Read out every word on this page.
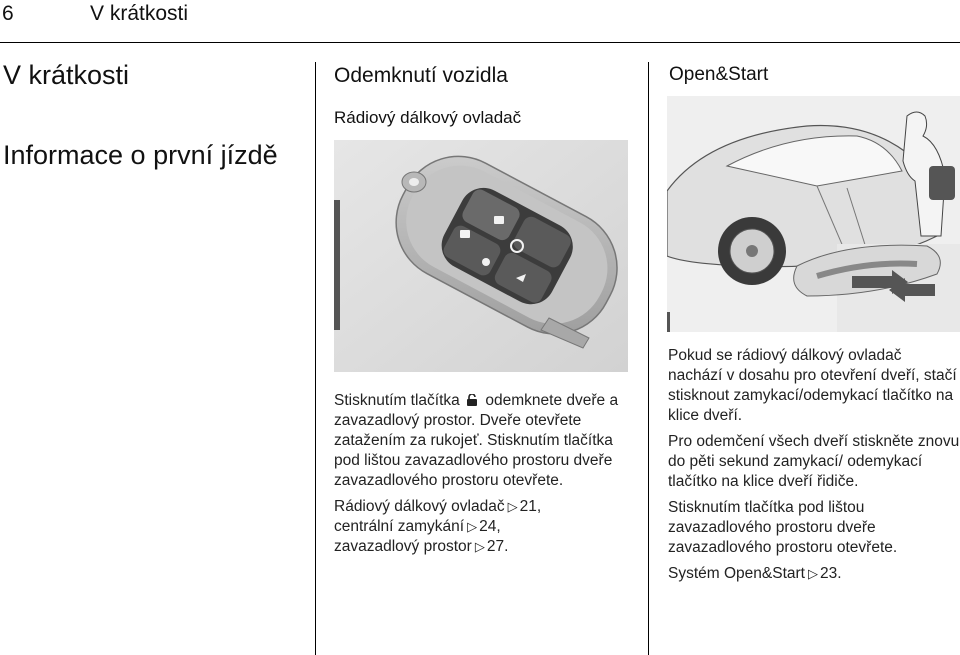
6	V krátkosti
V krátkosti
Informace o první jízdě
Odemknutí vozidla
Rádiový dálkový ovladač

Stisknutím tlačítka odemknete dveře a zavazadlový prostor. Dveře otevřete zatažením za rukojeť. Stisknutím tlačítka pod lištou zavazadlového prostoru dveře zavazadlového prostoru otevřete.

Rádiový dálkový ovladač ▷ 21,
centrální zamykání ▷ 24,
zavazadlový prostor ▷ 27.

Open&Start

Pokud se rádiový dálkový ovladač nachází v dosahu pro otevření dveří, stačí stisknout zamykací/odemykací tlačítko na klice dveří.

Pro odemčení všech dveří stiskněte znovu do pěti sekund zamykací/ odemykací tlačítko na klice dveří řidiče.

Stisknutím tlačítka pod lištou zavazadlového prostoru dveře zavazadlového prostoru otevřete.

Systém Open&Start ▷ 23.
